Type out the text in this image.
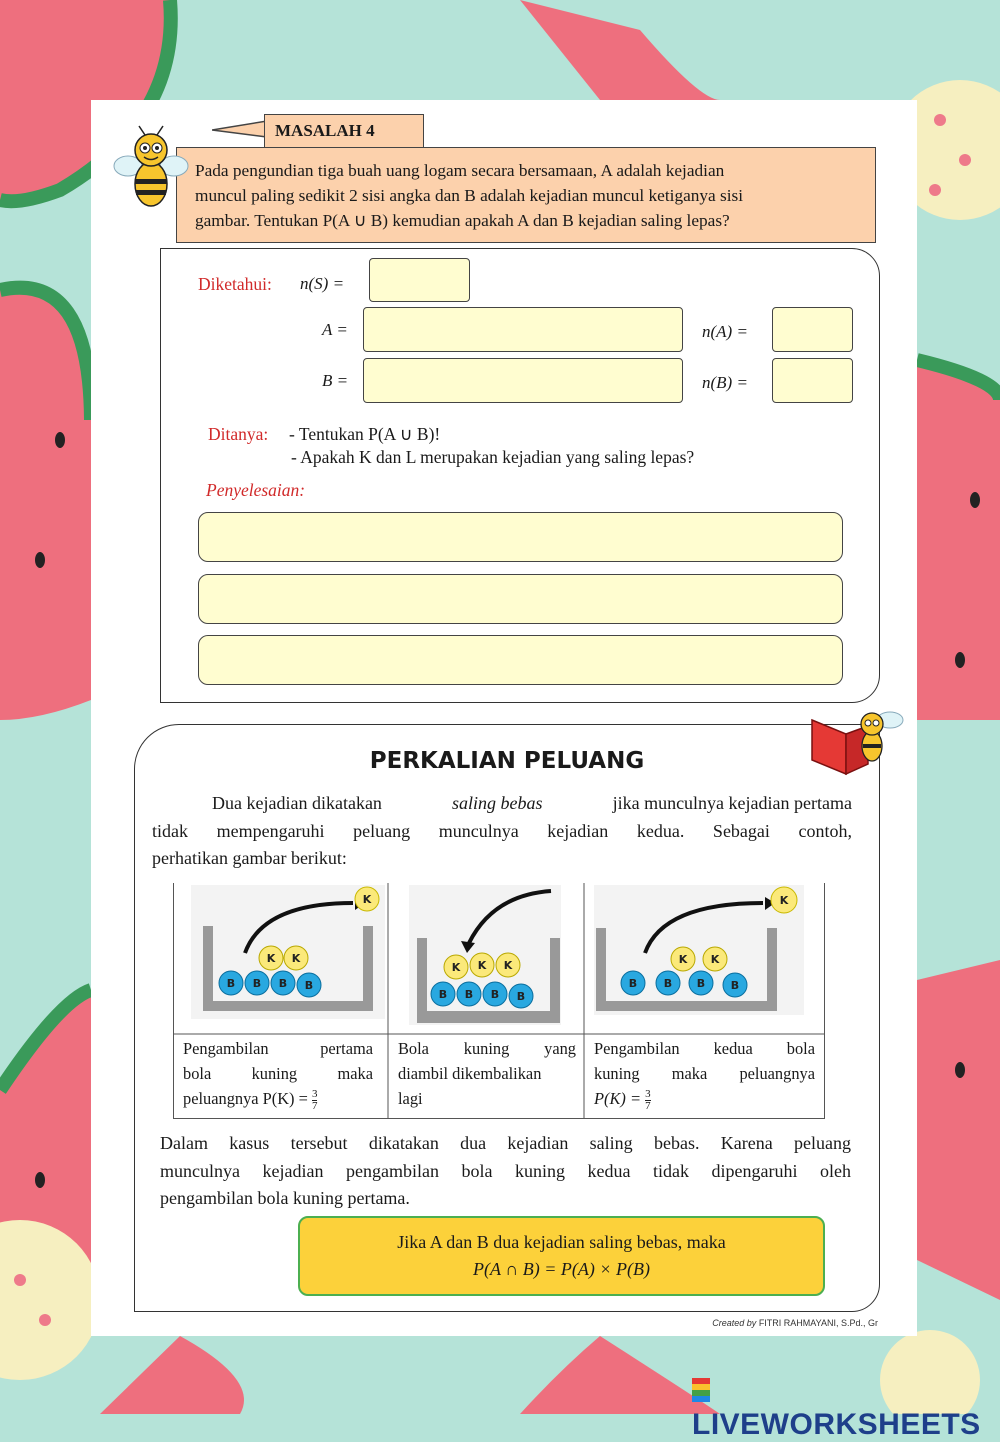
MASALAH 4
Pada pengundian tiga buah uang logam secara bersamaan, A adalah kejadian
muncul paling sedikit 2 sisi angka dan B adalah kejadian muncul ketiganya sisi
gambar. Tentukan P(A ∪ B) kemudian apakah A dan B kejadian saling lepas?
Diketahui: n(S) =
A =	n(A) =
B =	n(B) =
Ditanya: - Tentukan P(A ∪ B)!
- Apakah K dan L merupakan kejadian yang saling lepas?
Penyelesaian:
PERKALIAN PELUANG
Dua kejadian dikatakan	saling bebas	jika munculnya kejadian pertama
tidak mempengaruhi peluang munculnya kejadian kedua. Sebagai contoh,
perhatikan gambar berikut:
K
K K
B B B B
K K K
B B B B
K
K K
B B B B
Pengambilan pertama
bola kuning maka
peluangnya $P(K) = \frac{3}{7}$
Bola kuning yang
diambil dikembalikan
lagi
Pengambilan kedua bola
kuning maka peluangnya
$P(K) = \frac{3}{7}$
Dalam kasus tersebut dikatakan dua kejadian saling bebas. Karena peluang
munculnya kejadian pengambilan bola kuning kedua tidak dipengaruhi oleh
pengambilan bola kuning pertama.
Jika A dan B dua kejadian saling bebas, maka
P(A ∩ B) = P(A) × P(B)
Created by FITRI RAHMAYANI, S.Pd., Gr
LIVEWORKSHEETS
